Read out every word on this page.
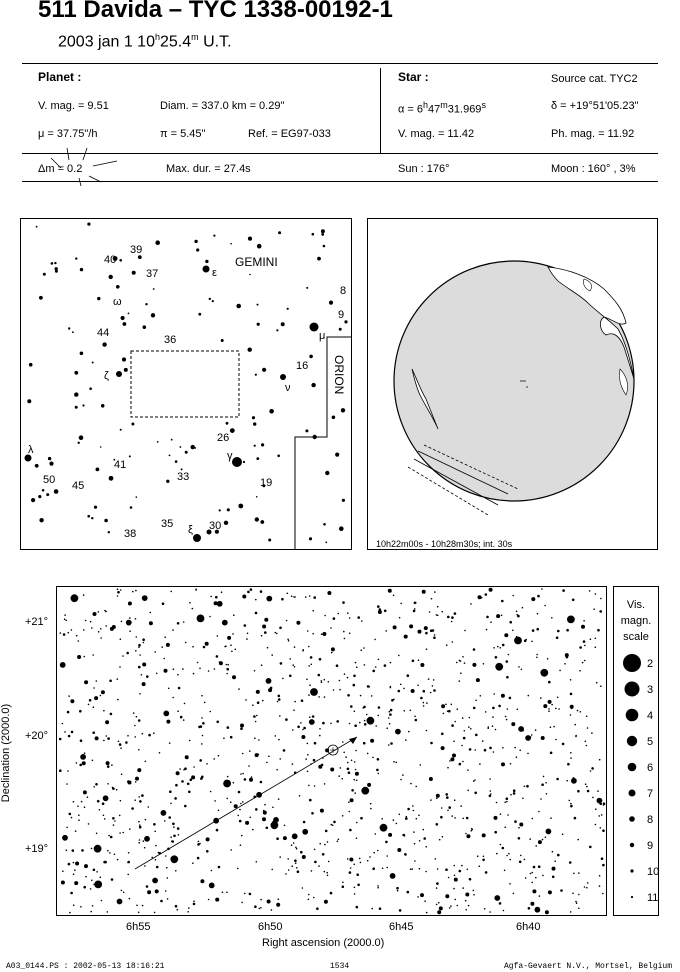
511 Davida – TYC 1338-00192-1
2003 jan 1 10$^h$25.4$^m$ U.T.
Planet :
V. mag. = 9.51	Diam. = 337.0 km = 0.29"
μ = 37.75"/h	π = 5.45"	Ref. = EG97-033
Δm = 0.2	Max. dur. = 27.4s
Star :	Source cat. TYC2
$\alpha = 6^h47^m31.969^s$	δ = +19°51'05.23"
V. mag. = 11.42	Ph. mag. = 11.92
Sun : 176°	Moon : 160° , 3%
GEMINI
ORION
39
40
37	ε
8
ω
9
44
36	μ
16
ζ
ν
26
λ	γ
41
50	33
45	19
35	30
ξ
38
10h22m00s - 10h28m30s; int. 30s
Declination (2000.0)
+21°
+20°
+19°
6h55	6h50	6h45	6h40
Right ascension (2000.0)
Vis.
magn.
scale
2
3
4
5
6
7
8
9
10
11
A03_0144.PS : 2002-05-13 18:16:21	1534	Agfa-Gevaert N.V., Mortsel, Belgium
